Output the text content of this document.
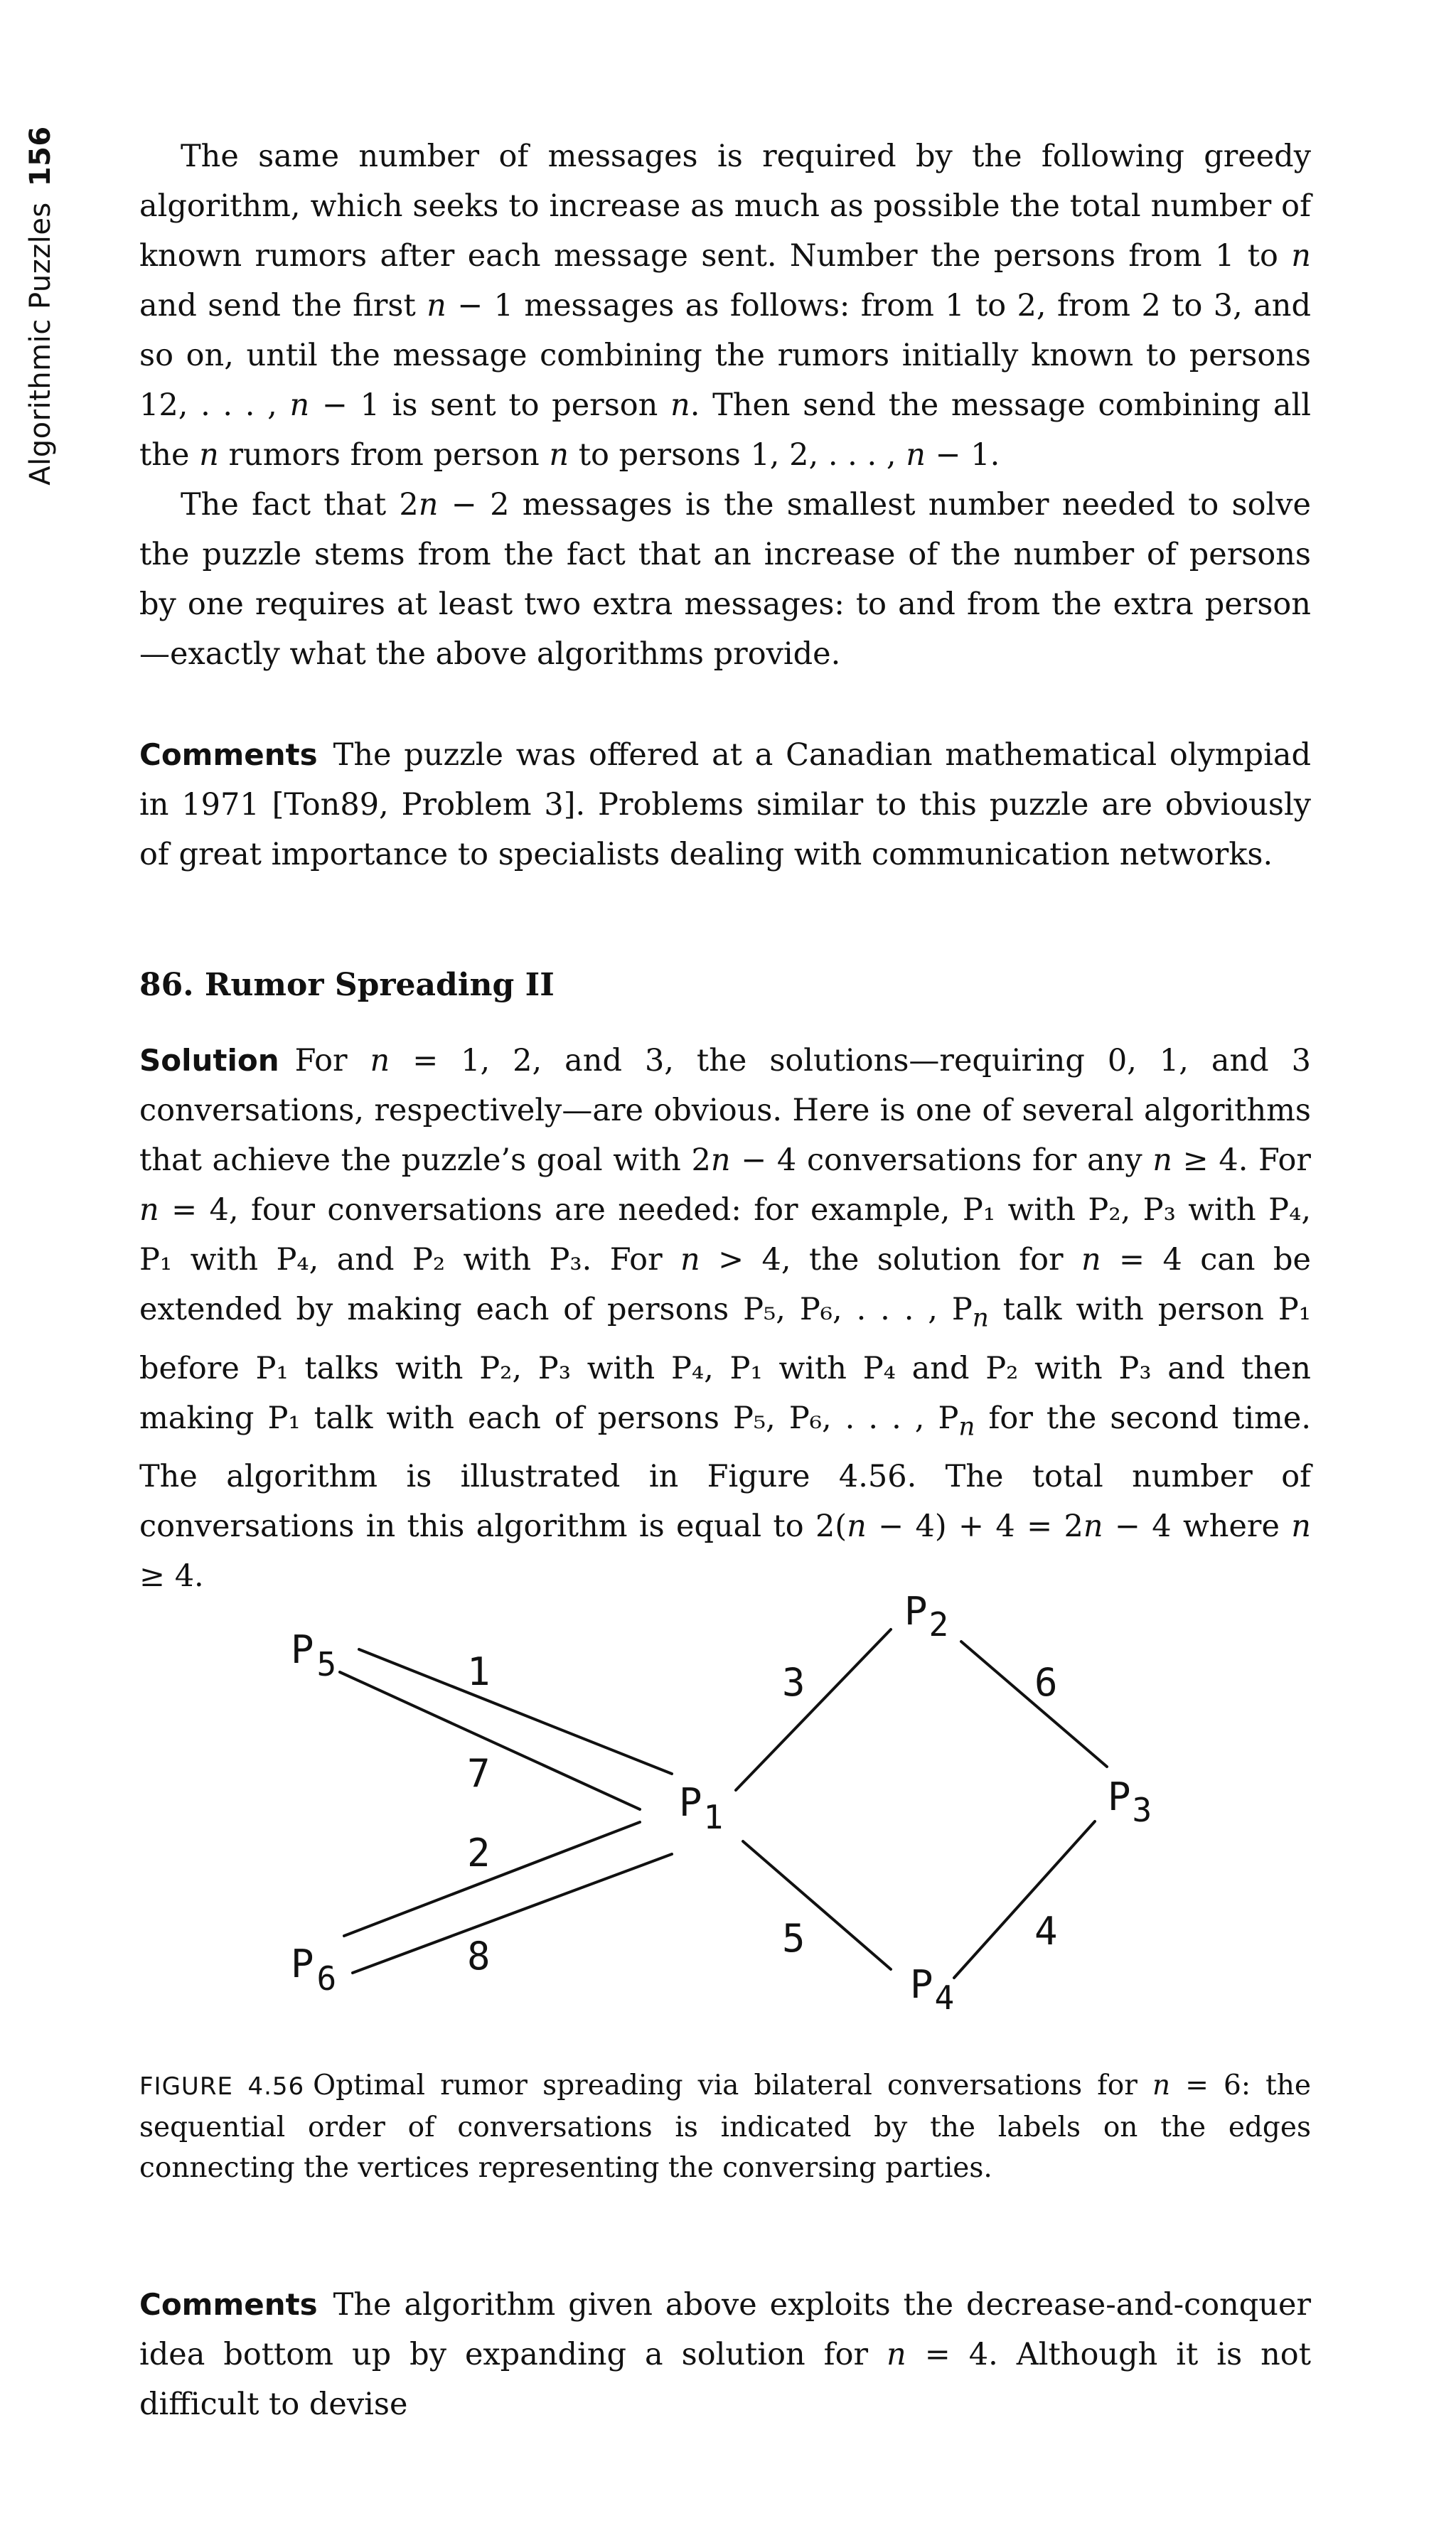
Algorithmic Puzzles156	The same number of messages is required by the following greedy algorithm, which seeks to increase as much as possible the total number of known rumors after each message sent. Number the persons from 1 to n and send the first n − 1 messages as follows: from 1 to 2, from 2 to 3, and so on, until the message combining the rumors initially known to persons 12, . . . , n − 1 is sent to person n. Then send the message combining all the n rumors from person n to persons 1, 2, . . . , n − 1.

The fact that 2n − 2 messages is the smallest number needed to solve the puzzle stems from the fact that an increase of the number of persons by one requires at least two extra messages: to and from the extra person—exactly what the above algorithms provide.

Comments The puzzle was offered at a Canadian mathematical olympiad in 1971 [Ton89, Problem 3]. Problems similar to this puzzle are obviously of great importance to specialists dealing with communication networks.

86. Rumor Spreading II

Solution For n = 1, 2, and 3, the solutions—requiring 0, 1, and 3 conversations, respectively—are obvious. Here is one of several algorithms that achieve the puzzle’s goal with 2n − 4 conversations for any n ≥ 4. For n = 4, four conversations are needed: for example, P₁ with P₂, P₃ with P₄, P₁ with P₄, and P₂ with P₃. For n > 4, the solution for n = 4 can be extended by making each of persons P₅, P₆, . . . , $P_n$ talk with person P₁ before P₁ talks with P₂, P₃ with P₄, P₁ with P₄ and P₂ with P₃ and then making P₁ talk with each of persons P₅, P₆, . . . , $P_n$ for the second time. The algorithm is illustrated in Figure 4.56. The total number of conversations in this algorithm is equal to 2(n − 4) + 4 = 2n − 4 where n ≥ 4.

P5
P6
P1
P2
P3
P4
1
7
2
8
3
5
6
4
FIGURE 4.56 Optimal rumor spreading via bilateral conversations for n = 6: the sequential order of conversations is indicated by the labels on the edges connecting the vertices representing the conversing parties.

Comments The algorithm given above exploits the decrease-and-conquer idea bottom up by expanding a solution for n = 4. Although it is not difficult to devise
